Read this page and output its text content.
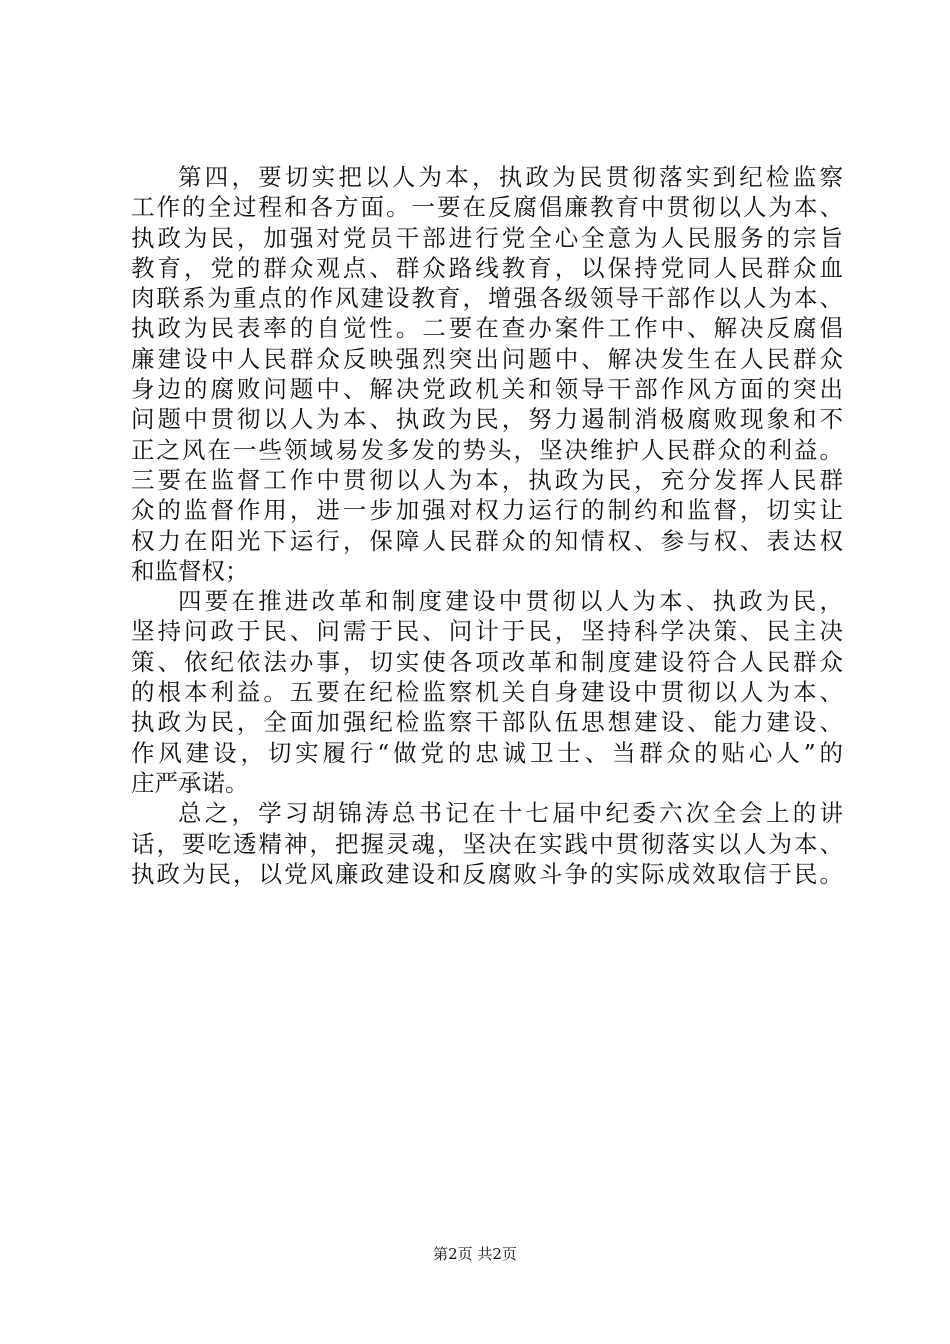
第四，要切实把以人为本，执政为民贯彻落实到纪检监察
工作的全过程和各方面。一要在反腐倡廉教育中贯彻以人为本、
执政为民，加强对党员干部进行党全心全意为人民服务的宗旨
教育，党的群众观点、群众路线教育，以保持党同人民群众血
肉联系为重点的作风建设教育，增强各级领导干部作以人为本、
执政为民表率的自觉性。二要在查办案件工作中、解决反腐倡
廉建设中人民群众反映强烈突出问题中、解决发生在人民群众
身边的腐败问题中、解决党政机关和领导干部作风方面的突出
问题中贯彻以人为本、执政为民，努力遏制消极腐败现象和不
正之风在一些领域易发多发的势头，坚决维护人民群众的利益。
三要在监督工作中贯彻以人为本，执政为民，充分发挥人民群
众的监督作用，进一步加强对权力运行的制约和监督，切实让
权力在阳光下运行，保障人民群众的知情权、参与权、表达权
和监督权；
四要在推进改革和制度建设中贯彻以人为本、执政为民，
坚持问政于民、问需于民、问计于民，坚持科学决策、民主决
策、依纪依法办事，切实使各项改革和制度建设符合人民群众
的根本利益。五要在纪检监察机关自身建设中贯彻以人为本、
执政为民，全面加强纪检监察干部队伍思想建设、能力建设、
作风建设，切实履行“做党的忠诚卫士、当群众的贴心人”的
庄严承诺。
总之，学习胡锦涛总书记在十七届中纪委六次全会上的讲
话，要吃透精神，把握灵魂，坚决在实践中贯彻落实以人为本、
执政为民，以党风廉政建设和反腐败斗争的实际成效取信于民。
第2页 共2页
